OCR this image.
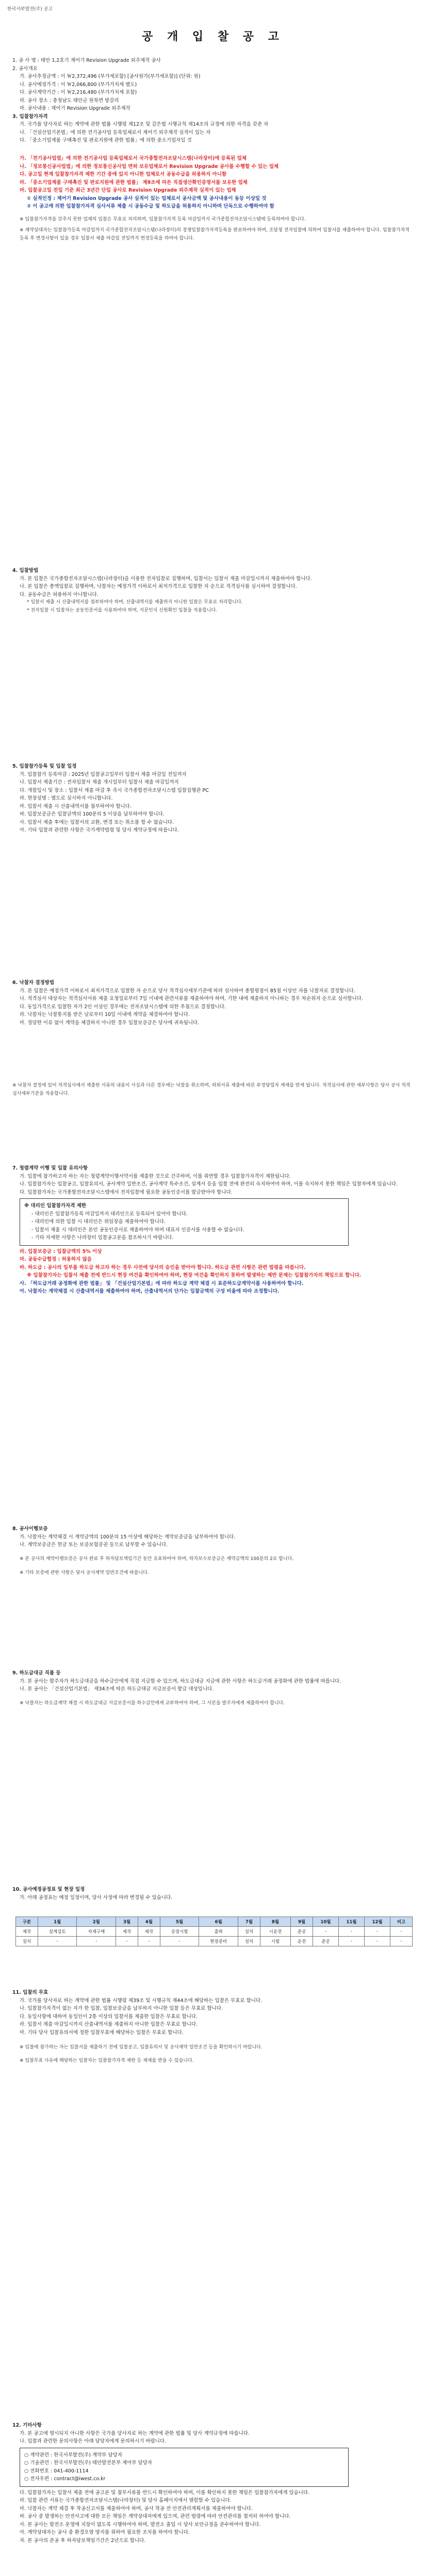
한국서부발전(주) 공고
공 개 입 찰 공 고

1. 공 사 명 : 태안 1,2호기 제어기 Revision Upgrade 외주제작 공사

2. 공사개요

가. 공사추정금액 : 이 ￦2,372,496 (부가세포함) [공사원가(부가세포함)] (단위: 원)

나. 공사예정가격 : 이 ￦2,066,800 (부가가치세 별도)

다. 공사계약기간 : 이 ￦2,216,480 (부가가치세 포함)

라. 공사 장소 : 충청남도 태안군 원북면 방갈리

마. 공사내용 : 제어기 Revision Upgrade 외주제작

3. 입찰참가자격

가. 국가를 당사자로 하는 계약에 관한 법률 시행령 제12조 및 같은법 시행규칙 제14조의 규정에 의한 자격을 갖춘 자

나. 「건설산업기본법」에 의한 전기공사업 등록업체로서 제어기 외주제작 실적이 있는 자

다. 「중소기업제품 구매촉진 및 판로지원에 관한 법률」에 의한 중소기업자일 것

가. 「전기공사업법」에 의한 전기공사업 등록업체로서 국가종합전자조달시스템(나라장터)에 등록된 업체

나. 「정보통신공사업법」에 의한 정보통신공사업 면허 보유업체로서 Revision Upgrade 공사를 수행할 수 있는 업체

다. 공고일 현재 입찰참가자격 제한 기간 중에 있지 아니한 업체로서 공동수급을 허용하지 아니함

라. 「중소기업제품 구매촉진 및 판로지원에 관한 법률」 제9조에 따른 직접생산확인증명서를 보유한 업체

마. 입찰공고일 전일 기준 최근 3년간 단일 공사로 Revision Upgrade 외주제작 실적이 있는 업체

① 실적인정 : 제어기 Revision Upgrade 공사 실적이 있는 업체로서 공사금액 및 공사내용이 동등 이상일 것

② 이 공고에 의한 입찰참가자격 심사서류 제출 시 공동수급 및 하도급을 허용하지 아니하며 단독으로 수행하여야 함

※ 입찰참가자격을 갖추지 못한 업체의 입찰은 무효로 처리하며, 입찰참가자격 등록 마감일까지 국가종합전자조달시스템에 등록하여야 합니다.

※ 계약상대자는 입찰참가등록 마감일까지 국가종합전자조달시스템(나라장터)의 경쟁입찰참가자격등록을 완료하여야 하며, 조달청 전자입찰에 의하여 입찰서를 제출하여야 합니다. 입찰참가자격 등록 후 변경사항이 있을 경우 입찰서 제출 마감일 전일까지 변경등록을 하여야 합니다.

4. 입찰방법

가. 본 입찰은 국가종합전자조달시스템(나라장터)을 이용한 전자입찰로 집행하며, 입찰서는 입찰서 제출 마감일시까지 제출하여야 합니다.

나. 본 입찰은 총액입찰로 집행하며, 낙찰자는 예정가격 이하로서 최저가격으로 입찰한 자 순으로 적격심사를 실시하여 결정합니다.

다. 공동수급은 허용하지 아니합니다.

* 입찰서 제출 시 산출내역서를 첨부하여야 하며, 산출내역서를 제출하지 아니한 입찰은 무효로 처리합니다.

* 전자입찰 시 입찰자는 공동인증서를 사용하여야 하며, 지문인식 신원확인 입찰을 적용합니다.

5. 입찰참가등록 및 입찰 일정

가. 입찰참가 등록마감 : 2025년 입찰공고일부터 입찰서 제출 마감일 전일까지

나. 입찰서 제출기간 : 전자입찰서 제출 개시일부터 입찰서 제출 마감일까지

다. 개찰일시 및 장소 : 입찰서 제출 마감 후 즉시 국가종합전자조달시스템 입찰집행관 PC

라. 현장설명 : 별도로 실시하지 아니합니다.

마. 입찰서 제출 시 산출내역서를 첨부하여야 합니다.

바. 입찰보증금은 입찰금액의 100분의 5 이상을 납부하여야 합니다.

사. 입찰서 제출 후에는 입찰서의 교환, 변경 또는 취소를 할 수 없습니다.

아. 기타 입찰과 관련한 사항은 국가계약법령 및 당사 계약규정에 따릅니다.

6. 낙찰자 결정방법

가. 본 입찰은 예정가격 이하로서 최저가격으로 입찰한 자 순으로 당사 적격심사세부기준에 따라 심사하여 종합평점이 85점 이상인 자를 낙찰자로 결정합니다.

나. 적격심사 대상자는 적격심사서류 제출 요청일로부터 7일 이내에 관련서류를 제출하여야 하며, 기한 내에 제출하지 아니하는 경우 차순위자 순으로 심사합니다.

다. 동일가격으로 입찰한 자가 2인 이상인 경우에는 전자조달시스템에 의한 추첨으로 결정합니다.

라. 낙찰자는 낙찰통지를 받은 날로부터 10일 이내에 계약을 체결하여야 합니다.

마. 정당한 이유 없이 계약을 체결하지 아니한 경우 입찰보증금은 당사에 귀속됩니다.

※ 낙찰자 결정에 있어 적격심사에서 제출한 서류의 내용이 사실과 다른 경우에는 낙찰을 취소하며, 허위서류 제출에 따른 부정당업자 제재를 받게 됩니다. 적격심사에 관한 세부사항은 당사 공사 적격심사세부기준을 적용합니다.

7. 청렴계약 이행 및 입찰 유의사항

가. 입찰에 참가하고자 하는 자는 청렴계약이행서약서를 제출한 것으로 간주하며, 이를 위반할 경우 입찰참가자격이 제한됩니다.

나. 입찰참가자는 입찰공고, 입찰유의서, 공사계약 일반조건, 공사계약 특수조건, 설계서 등을 입찰 전에 완전히 숙지하여야 하며, 이를 숙지하지 못한 책임은 입찰자에게 있습니다.

다. 입찰참가자는 국가종합전자조달시스템에서 전자입찰에 필요한 공동인증서를 발급받아야 합니다.

※ 대리인 입찰참가자격 제한

- 대리인은 입찰참가등록 마감일까지 대리인으로 등록되어 있어야 합니다.

- 대리인에 의한 입찰 시 대리인은 위임장을 제출하여야 합니다.

- 입찰서 제출 시 대리인은 본인 공동인증서로 제출하여야 하며 대표자 인증서를 사용할 수 없습니다.

- 기타 자세한 사항은 나라장터 입찰공고문을 참조하시기 바랍니다.

라. 입찰보증금 : 입찰금액의 5% 이상

마. 공동수급협정 : 허용하지 않음

바. 하도급 : 공사의 일부를 하도급 하고자 하는 경우 사전에 당사의 승인을 받아야 합니다. 하도급 관련 사항은 관련 법령을 따릅니다.

※ 입찰참가자는 입찰서 제출 전에 반드시 현장 여건을 확인하여야 하며, 현장 여건을 확인하지 못하여 발생하는 제반 문제는 입찰참가자의 책임으로 합니다.

사. 「하도급거래 공정화에 관한 법률」 및 「건설산업기본법」에 따라 하도급 계약 체결 시 표준하도급계약서를 사용하여야 합니다.

아. 낙찰자는 계약체결 시 산출내역서를 제출하여야 하며, 산출내역서의 단가는 입찰금액의 구성 비율에 따라 조정합니다.

8. 공사이행보증

가. 낙찰자는 계약체결 시 계약금액의 100분의 15 이상에 해당하는 계약보증금을 납부하여야 합니다.

나. 계약보증금은 현금 또는 보증보험증권 등으로 납부할 수 있습니다.

※ 본 공사의 계약이행보증은 공사 완료 후 하자담보책임기간 동안 유효하여야 하며, 하자보수보증금은 계약금액의 100분의 2로 합니다.

※ 기타 보증에 관한 사항은 당사 공사계약 일반조건에 따릅니다.

9. 하도급대금 직불 등

가. 본 공사는 발주자가 하도급대금을 하수급인에게 직접 지급할 수 있으며, 하도급대금 지급에 관한 사항은 하도급거래 공정화에 관한 법률에 따릅니다.

나. 본 공사는 「건설산업기본법」 제34조에 따른 하도급대금 지급보증서 발급 대상입니다.

※ 낙찰자는 하도급계약 체결 시 하도급대금 지급보증서를 하수급인에게 교부하여야 하며, 그 사본을 발주자에게 제출하여야 합니다.

10. 공사예정공정표 및 현장 일정

가. 아래 공정표는 예정 일정이며, 당사 사정에 따라 변경될 수 있습니다.

구분	1월	2월	3월	4월	5월	6월	7월	8월	9월	10월	11월	12월	비고
제작	설계검토	자재구매	제작	제작	공장시험	출하	설치	시운전	준공	-	-	-	-
설치	-	-	-	-	-	현장준비	설치	시험	운전	준공	-	-	-

11. 입찰의 무효

가. 국가를 당사자로 하는 계약에 관한 법률 시행령 제39조 및 시행규칙 제44조에 해당하는 입찰은 무효로 합니다.

나. 입찰참가자격이 없는 자가 한 입찰, 입찰보증금을 납부하지 아니한 입찰 등은 무효로 합니다.

다. 동일사항에 대하여 동일인이 2통 이상의 입찰서를 제출한 입찰은 무효로 합니다.

라. 입찰서 제출 마감일시까지 산출내역서를 제출하지 아니한 입찰은 무효로 합니다.

마. 기타 당사 입찰유의서에 정한 입찰무효에 해당하는 입찰은 무효로 합니다.

※ 입찰에 참가하는 자는 입찰서를 제출하기 전에 입찰공고, 입찰유의서 및 공사계약 일반조건 등을 확인하시기 바랍니다.

※ 입찰무효 사유에 해당하는 입찰자는 입찰참가자격 제한 등 제재를 받을 수 있습니다.

12. 기타사항

가. 본 공고에 명시되지 아니한 사항은 국가를 당사자로 하는 계약에 관한 법률 및 당사 계약규정에 따릅니다.

나. 입찰과 관련한 문의사항은 아래 담당자에게 문의하시기 바랍니다.

○ 계약관련 : 한국서부발전(주) 계약부 담당자

○ 기술관련 : 한국서부발전(주) 태안발전본부 제어부 담당자

○ 전화번호 : 041-400-1114

○ 전자우편 : contract@iwest.co.kr

다. 입찰참가자는 입찰서 제출 전에 공고문 및 첨부서류를 반드시 확인하여야 하며, 이를 확인하지 못한 책임은 입찰참가자에게 있습니다.

라. 입찰 관련 서류는 국가종합전자조달시스템(나라장터) 및 당사 홈페이지에서 열람할 수 있습니다.

마. 낙찰자는 계약 체결 후 착공신고서를 제출하여야 하며, 공사 착공 전 안전관리계획서를 제출하여야 합니다.

바. 공사 중 발생하는 안전사고에 대한 모든 책임은 계약상대자에게 있으며, 관련 법령에 따라 안전관리를 철저히 하여야 합니다.

사. 본 공사는 발전소 운영에 지장이 없도록 시행하여야 하며, 발전소 출입 시 당사 보안규정을 준수하여야 합니다.

아. 계약상대자는 공사 중 환경오염 방지를 위하여 필요한 조치를 하여야 합니다.

자. 본 공사의 준공 후 하자담보책임기간은 2년으로 합니다.
